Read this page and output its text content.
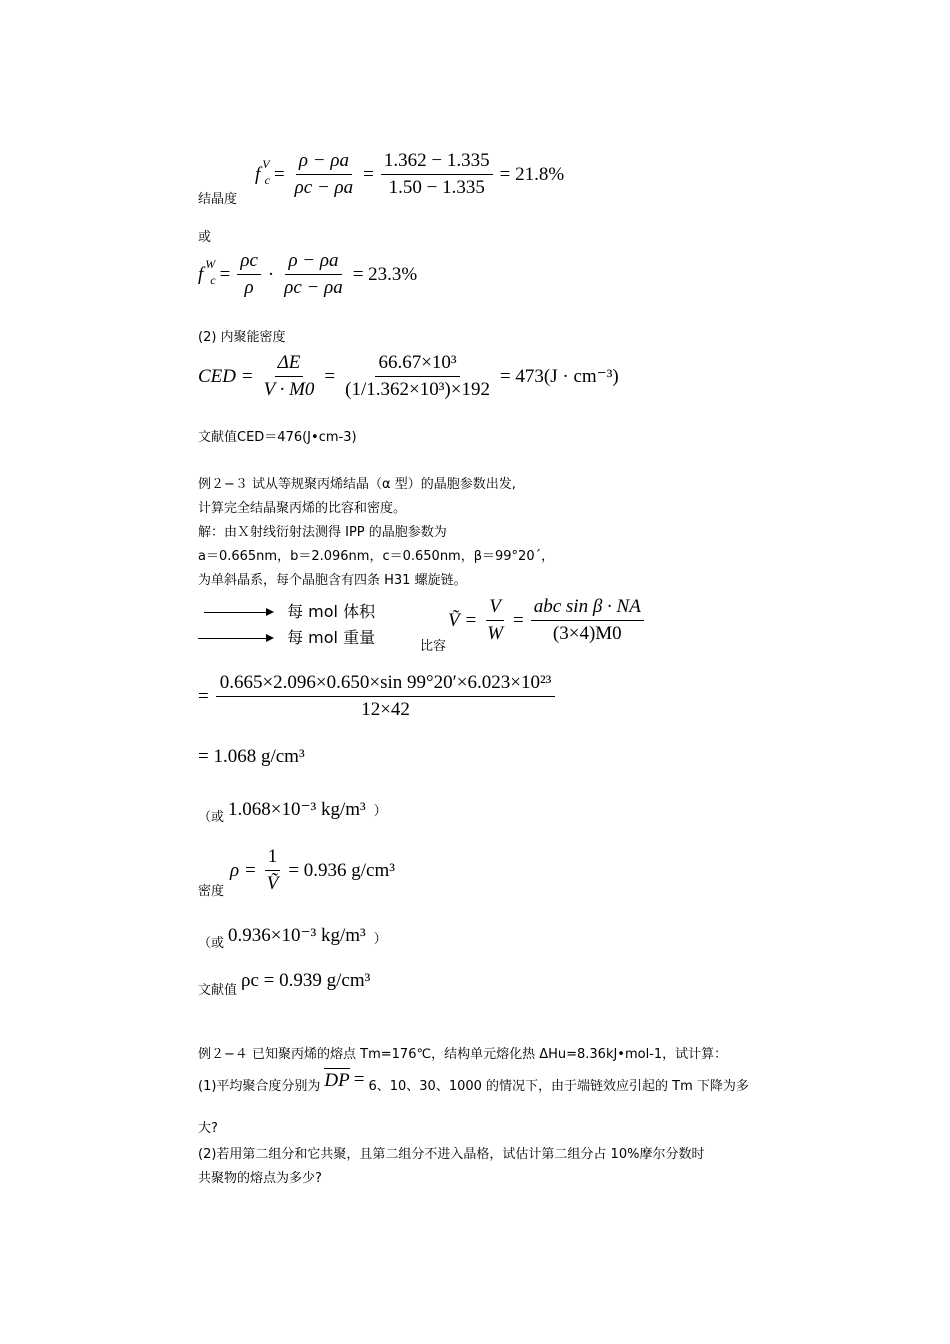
f V
$c = \frac{\rho - \rho a}{\rho c - \rho a} = \frac{1.362 - 1.335}{1.50 - 1.335} = 21.8\%$
结晶度
或
f W
$c = \frac{\rho c}{\rho} \cdot \frac{\rho - \rho a}{\rho c - \rho a} = 23.3\%$
(2) 内聚能密度
CED = $\frac{\Delta E}{V \cdot M0} = \frac{\text{66.67×10³}}{\text{(1/1.362×10³)×192}} = 473(J \cdot cm^{-3})$
文献值CED＝476(J•cm-3)
例２−３ 试从等规聚丙烯结晶（α 型）的晶胞参数出发,
计算完全结晶聚丙烯的比容和密度。
解：由Ｘ射线衍射法测得 IPP 的晶胞参数为
a＝0.665nm，b＝2.096nm，c＝0.650nm，β＝99°20´，
为单斜晶系，每个晶胞含有四条 H31 螺旋链。
每 mol 体积
每 mol 重量	比容
Ṽ = $\frac{V}{W} = \frac{\text{abc sin β · NA}}{(3\times 4)M0}$
= $\frac{\text{0.665×2.096×0.650×sin 99°20′×6.023×10²³}}{12\times 42}$
= 1.068 g/cm³
（或 1.068×10⁻³ kg/m³ ）
$\rho = \frac{1}{\text{Ṽ}} = 0.936$ g/cm³
密度
（或 0.936×10⁻³ kg/m³ ）
文献值 ρc = 0.939 g/cm³
例２−４ 已知聚丙烯的熔点 Tm=176℃，结构单元熔化热 ΔHu=8.36kJ•mol-1，试计算：
(1)平均聚合度分别为 DP = 6、10、30、1000 的情况下，由于端链效应引起的 Tm 下降为多
大?
(2)若用第二组分和它共聚，且第二组分不进入晶格，试估计第二组分占 10%摩尔分数时
共聚物的熔点为多少?
